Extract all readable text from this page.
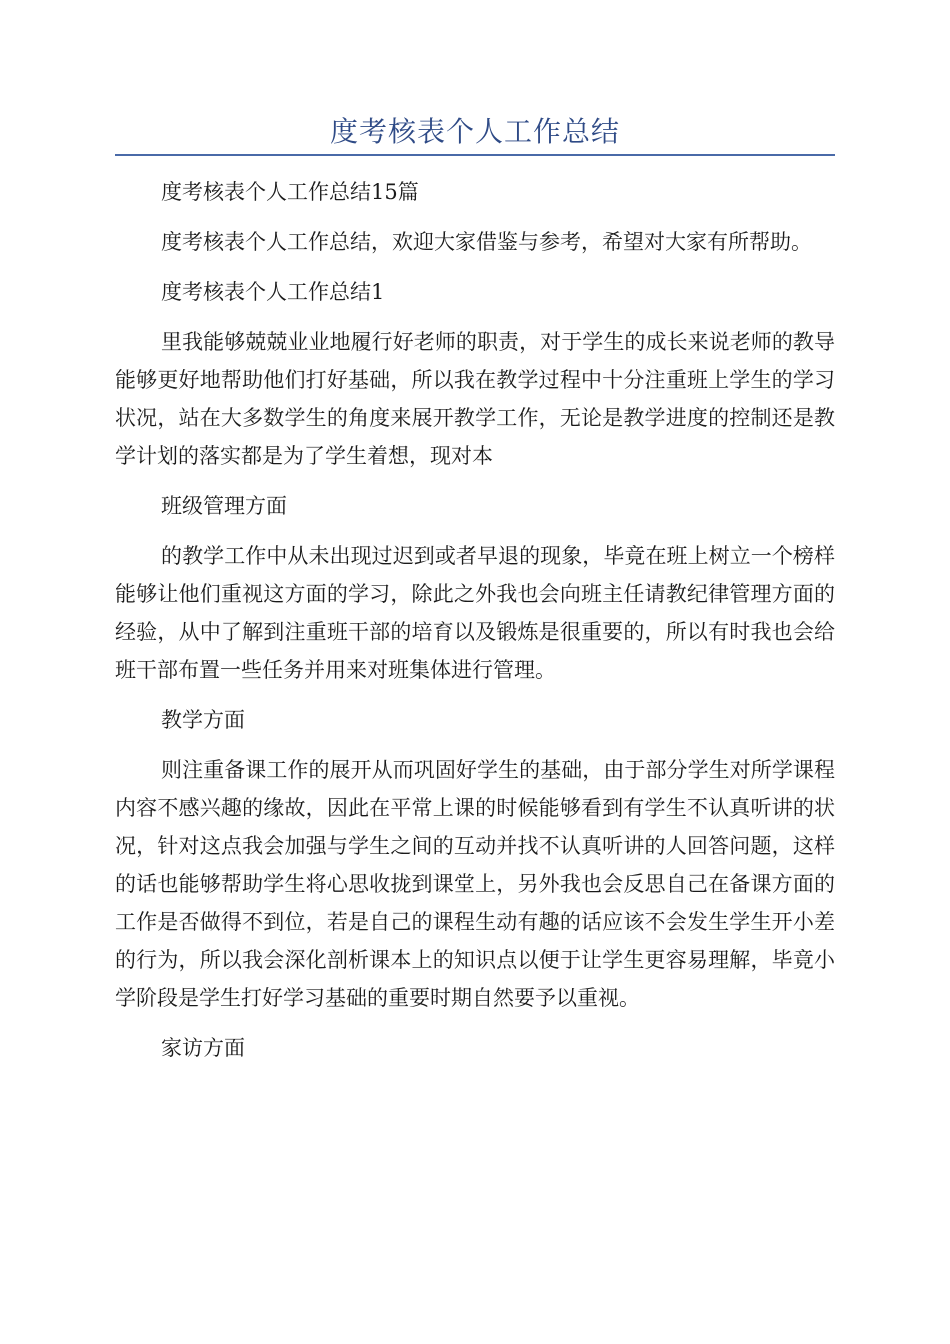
度考核表个人工作总结

度考核表个人工作总结15篇

度考核表个人工作总结，欢迎大家借鉴与参考，希望对大家有所帮助。

度考核表个人工作总结1

里我能够兢兢业业地履行好老师的职责，对于学生的成长来说老师的教导能够更好地帮助他们打好基础，所以我在教学过程中十分注重班上学生的学习状况，站在大多数学生的角度来展开教学工作，无论是教学进度的控制还是教学计划的落实都是为了学生着想，现对本

班级管理方面

的教学工作中从未出现过迟到或者早退的现象，毕竟在班上树立一个榜样能够让他们重视这方面的学习，除此之外我也会向班主任请教纪律管理方面的经验，从中了解到注重班干部的培育以及锻炼是很重要的，所以有时我也会给班干部布置一些任务并用来对班集体进行管理。

教学方面

则注重备课工作的展开从而巩固好学生的基础，由于部分学生对所学课程内容不感兴趣的缘故，因此在平常上课的时候能够看到有学生不认真听讲的状况，针对这点我会加强与学生之间的互动并找不认真听讲的人回答问题，这样的话也能够帮助学生将心思收拢到课堂上，另外我也会反思自己在备课方面的工作是否做得不到位，若是自己的课程生动有趣的话应该不会发生学生开小差的行为，所以我会深化剖析课本上的知识点以便于让学生更容易理解，毕竟小学阶段是学生打好学习基础的重要时期自然要予以重视。

家访方面
